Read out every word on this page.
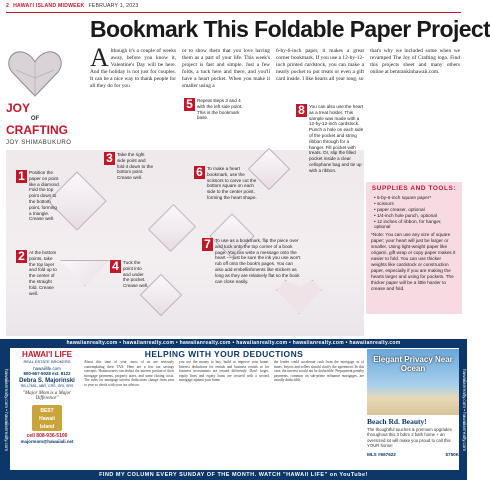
2 HAWAI'I ISLAND MIDWEEK FEBRUARY 1, 2023
Bookmark This Foldable Paper Project
JOY
OF
CRAFTING
JOY SHIMABUKURO
Although it's a couple of weeks away, before you know it, Valentine's Day will be here. And the holiday is not just for couples. It can be a nice way to thank people for all they do for you
or to show them that you love having them as a part of your life. This week's project is fast and simple. Just a few folds, a tuck here and there, and you'll have a heart pocket. When you make it smaller using a
6-by-6-inch paper, it makes a great corner bookmark. If you use a 12-by-12-inch printed cardstock, you can make a nearly pocket to put treats or even a gift card inside. I like hearts all year long, so
that's why we included some when we revamped The Joy of Crafting logo. Find this projects sheet and many others online at bentrankinhawaii.com.
1 Position the paper on point like a diamond. Fold the top point down to the bottom point, forming a triangle. Crease well.
2 At the bottom points, take the top layer and fold up to the center of the straight fold. Crease well.
3 Take the right side point and fold it down to the bottom point. Crease well.
4 Tuck the point into and under the pocket. Crease well.
5 Repeat steps 3 and 4 with the left side point. This is the bookmark base.
6 To make a heart bookmark, use the scissors to carve cut the bottom square on each side to the center point, forming the heart shape.
7 To use as a bookmark, flip the piece over and tuck onto the top corner of a book page. You can write a message onto the heart — just be sure the ink you use won't rub off onto the book's pages. You can also add embellishments like stickers as long as they are relatively flat so the book can close easily.
8 You can also use the heart as a treat holder. This sample was made with a 12-by-12-inch cardstock. Punch a hole on each side of the pocket and string ribbon through for a hanger. Fill pocket with treats. Or, slip the filled pocket inside a clear cellophane bag and tie up with a ribbon.
SUPPLIES AND TOOLS:
• 6-by-6-inch square paper*
• scissors
• paper creaser, optional
• 1/4-inch hole punch, optional
• 12 inches of ribbon, for hanger, optional
*Note: You can use any size of square paper; your heart will just be larger or smaller. Using light-weight paper like origami, gift wrap or copy paper makes it easier to fold. You can use thicker weights like cardstock or construction paper, especially if you are making the hearts larger and using for pockets. The thicker paper will be a little harder to crease and fold.
hawaiianrealty.com • hawaiianrealty.com • hawaiianrealty.com • hawaiianrealty.com • hawaiianrealty.com • hawaiianrealty.com
hawaiianrealty.com • hawaiianrealty.com	hawaiianrealty.com • hawaiianrealty.com
HAWAI'I LIFE
REAL ESTATE BROKERS
hawaiilife.com
800-667-5028 ext. 8122
Debra S. Majorinski
RB-17651, ABR, CRS, GRI, SRS
"Major Mom is a Major Difference"
BEST Hawaii Island
cell 808-936-5100
majormom@hawaiiali.net
HELPING WITH YOUR DEDUCTIONS
About this time of year, most of us are seriously contemplating their TAX. Here are a few tax savings concepts. Homeowners can deduct the interest portion of their mortgage payments, property taxes, and some closing costs. The rules for mortgage interest deductions change from year to year so check with your tax advisor.
you use the money to buy, build or improve your home. Interest deductions for rentals and business rentals or for business investments are treated differently. Don't forget, equity lines and equity loans are secured with a second mortgage against your home.
the lender could accelerate cash from the mortgage as of times, buyers and sellers should clarify the agreement. In this case, the interest would not be deductible. Prepayment penalty payments, common on sub-prime refinance mortgages, are usually deductible.
Elegant Privacy Near Ocean
Beach Rd. Beauty!
The thoughtful touches & premium upgrades throughout this 3 bdrm 2 bath home + an oversized lot will make you proud to call this YOUR home!
MLS #667622	$750K
FIND MY COLUMN EVERY SUNDAY OF THE MONTH. WATCH "HAWAII LIFE" on YouTube!
